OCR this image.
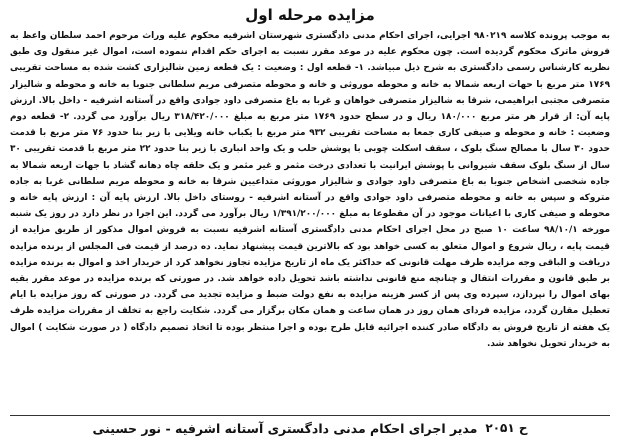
مزایده مرحله اول

به موجب پرونده کلاسه ۹۸۰۲۱۹ اجرایی، اجرای احکام مدنی دادگستری شهرستان اشرفیه محکوم علیه وراث مرحوم احمد سلطان واعظ به فروش ماترک محکوم گردیده است. چون محکوم علیه در موعد مقرر نسبت به اجرای حکم اقدام ننموده است، اموال غیر منقول وی طبق نظریه کارشناس رسمی دادگستری به شرح ذیل مبیاشد. ۱- قطعه اول : وضعیت : یک قطعه زمین شالیزاری کشت شده به مساحت تقریبی ۱۷۶۹ متر مربع با حهات اربعه شمالا به خانه و محوطه موروثی و خانه و محوطه متصرفی مریم سلطانی جنوبا به خانه و محوطه و شالیزار متصرفی مجتبی ابراهیمی، شرقا به شالیزار متصرفی خواهان و غربا به باغ متصرفی داود جوادی واقع در آستانه اشرفیه - داخل بالا. ارزش پایه آن: از قرار هر متر مربع ۱۸۰/۰۰۰ ریال و در سطح حدود ۱۷۶۹ متر مربع به مبلغ ۳۱۸/۴۲۰/۰۰۰ ریال برآورد می گردد. ۲- قطعه دوم وضعیت : خانه و محوطه و صیفی کاری جمعا به مساحت تقریبی ۹۳۲ متر مربع با یکباب خانه ویلایی با زیر بنا حدود ۷۶ متر مربع با قدمت حدود ۳۰ سال با مصالح سنگ بلوک ، سقف اسکلت چوبی با پوشش حلب و یک واحد انباری با زیر بنا حدود ۲۲ متر مربع با قدمت تقریبی ۳۰ سال از سنگ بلوک سقف شیروانی با پوشش ایرانیت با تعدادی درخت مثمر و غیر مثمر و یک حلقه چاه دهانه گشاد با جهات اربعه شمالا به جاده شخصی اشخاص جنوبا به باغ متصرفی داود جوادی و شالیزار موروثی متداعیین شرقا به خانه و محوطه مریم سلطانی غربا به جاده متروکه و سپس به خانه و محوطه متصرفی داود جوادی واقع در آستانه اشرفیه - روستای داخل بالا. ارزش پایه آن : ارزش پایه خانه و محوطه و صیفی کاری با اعیانات موجود در آن مقطوعا به مبلغ ۱/۳۹۱/۲۰۰/۰۰۰ ریال برآورد می گردد. این اجرا در نظر دارد در روز یک شنبه مورخه ۹۸/۱۰/۱ ساعت ۱۰ صبح در محل اجرای احکام مدنی دادگستری آستانه اشرفیه نسبت به فروش اموال مذکور از طریق مزایده از قیمت پایه ، ریال شروع و اموال متعلق به کسی خواهد بود که بالاترین قیمت پیشنهاد نماید. ده درصد از قیمت فی المجلس از برنده مزایده دریافت و الباقی وجه مزایده ظرف مهلت قانونی که حداکثر یک ماه از تاریخ مزایده تجاوز نخواهد کرد از خریدار اخذ و اموال به برنده مزایده بر طبق قانون و مقررات انتقال و چنانچه منع قانونی نداشته باشد تحویل داده خواهد شد. در صورتی که برنده مزایده در موعد مقرر بقیه بهای اموال را نپردازد، سپرده وی پس از کسر هزینه مزایده به نفع دولت ضبط و مزایده تجدید می گردد. در صورتی که روز مزایده با ایام تعطیل مقارن گردد، مزایده فردای همان روز در همان ساعت و همان مکان برگزار می گردد. شکایت راجع به تخلف از مقررات مزایده ظرف یک هفته از تاریخ فروش به دادگاه صادر کننده اجرائیه قابل طرح بوده و اجرا منتظر بوده تا اتخاذ تصمیم دادگاه ( در صورت شکایت ) اموال به خریدار تحویل نخواهد شد.

ح ۲۰۵۱
مدیر اجرای احکام مدنی دادگستری آستانه اشرفیه - نور حسینی
